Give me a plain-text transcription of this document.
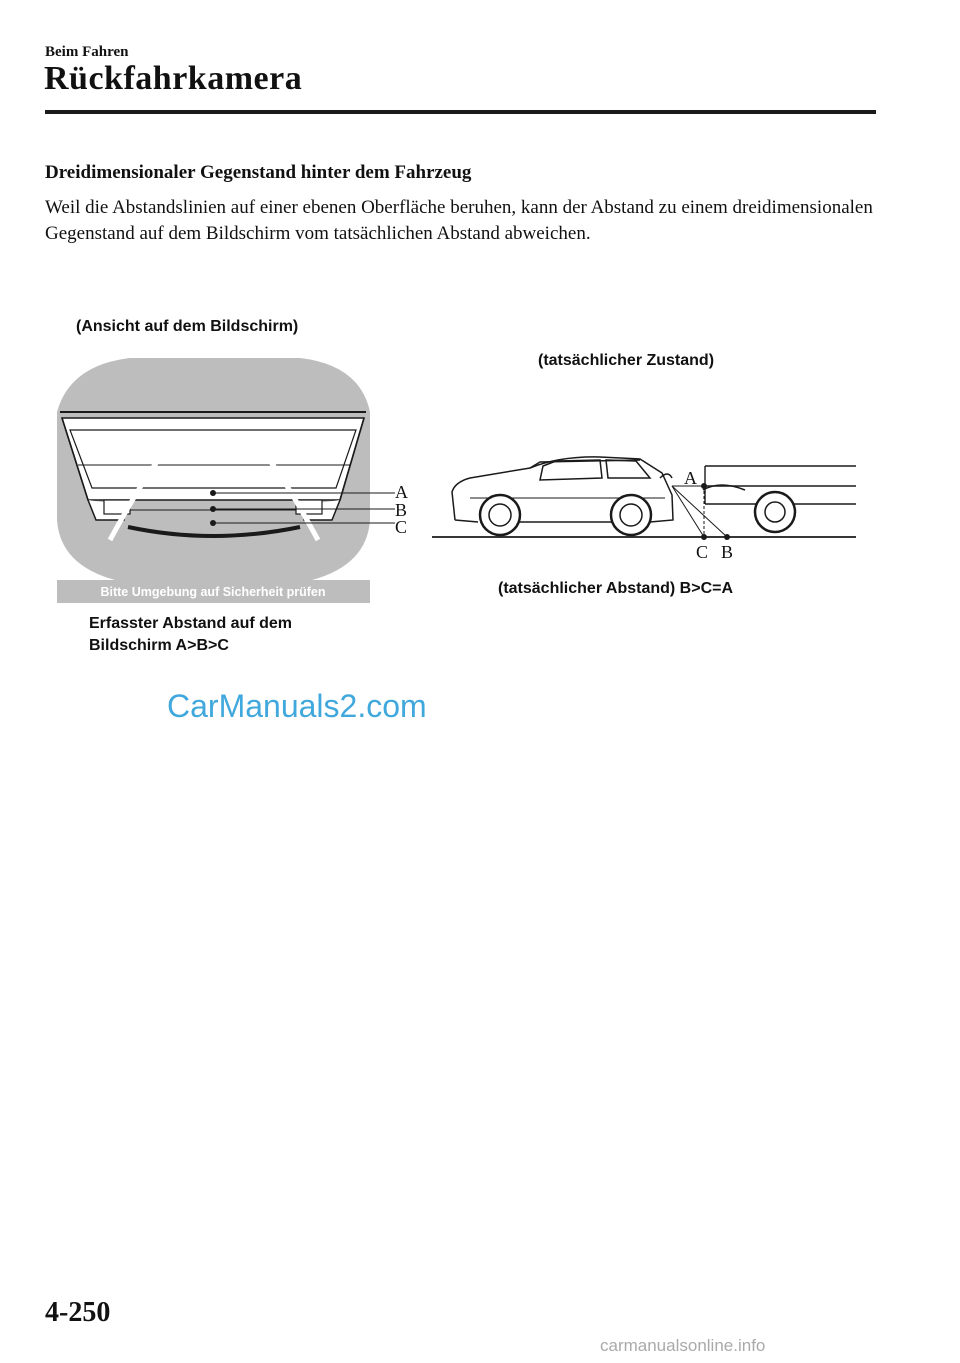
Beim Fahren
Rückfahrkamera
Dreidimensionaler Gegenstand hinter dem Fahrzeug
Weil die Abstandslinien auf einer ebenen Oberfläche beruhen, kann der Abstand zu einem dreidimensionalen Gegenstand auf dem Bildschirm vom tatsächlichen Abstand abweichen.
(Ansicht auf dem Bildschirm)
(tatsächlicher Zustand)
A
B
C
Bitte Umgebung auf Sicherheit prüfen
A
C B
(tatsächlicher Abstand) B>C=A
Erfasster Abstand auf dem
Bildschirm A>B>C
CarManuals2.com
4-250
carmanualsonline.info
